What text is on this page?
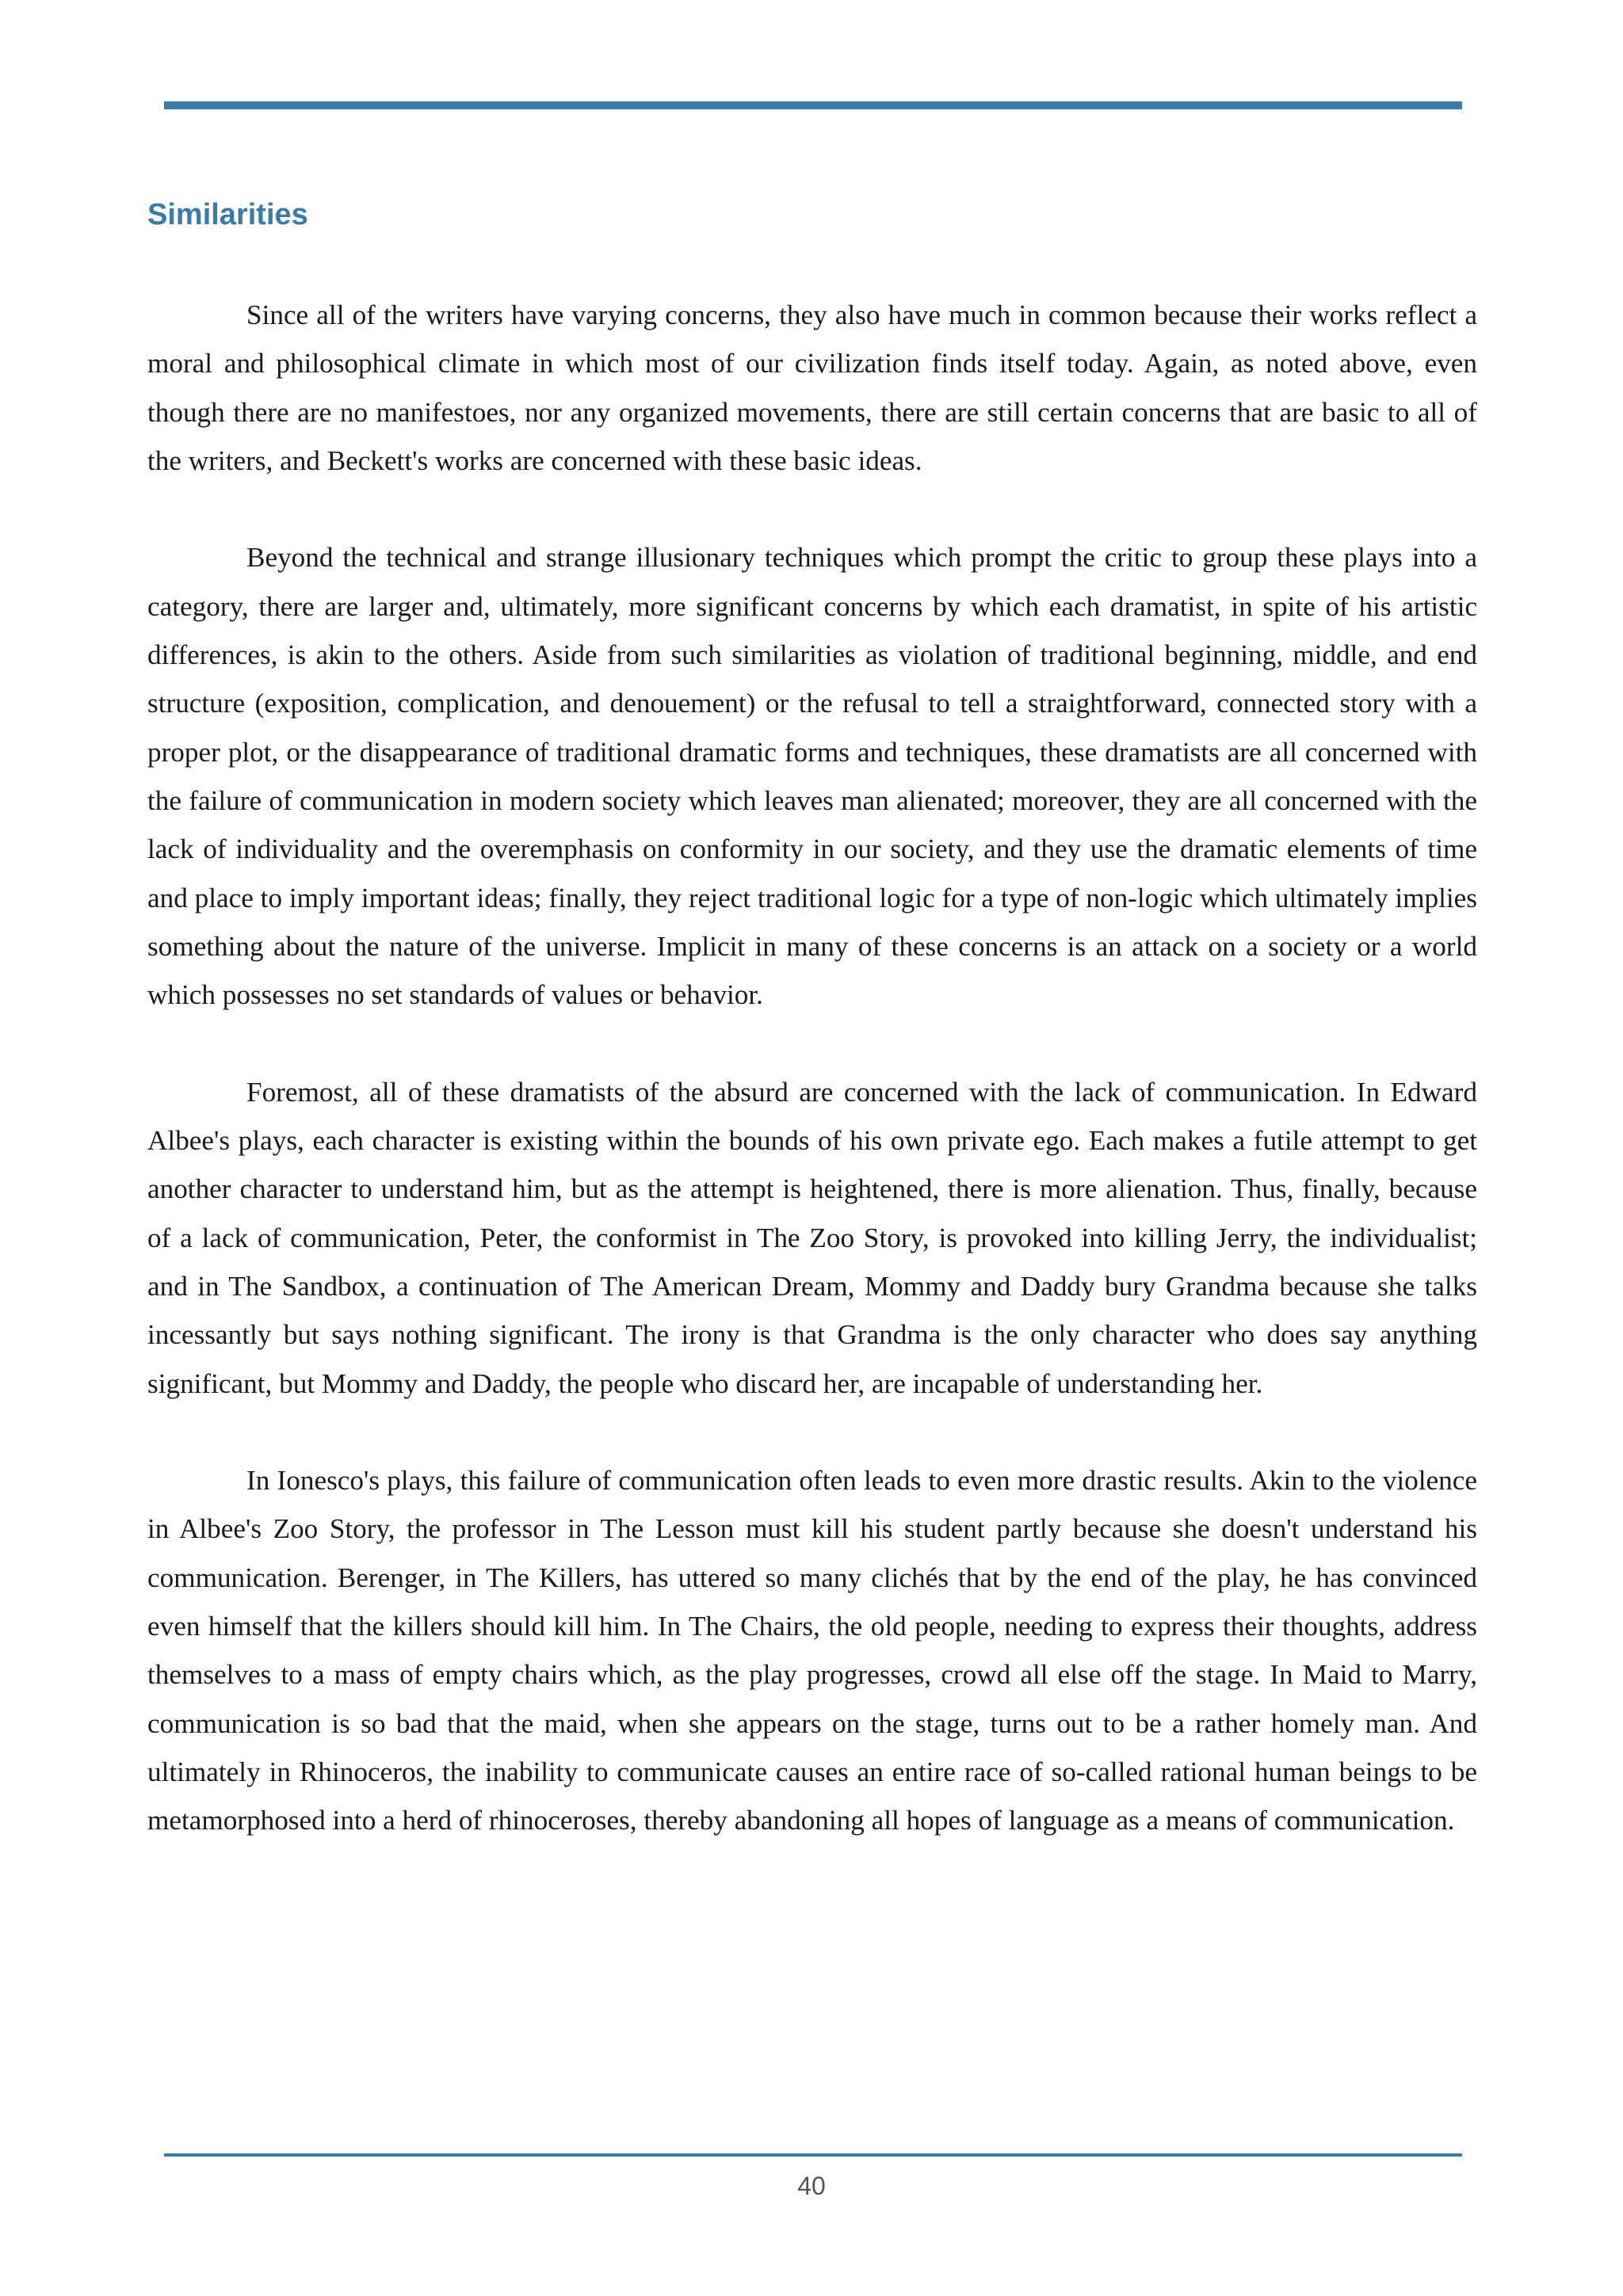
Similarities

Since all of the writers have varying concerns, they also have much in common because their works reflect a moral and philosophical climate in which most of our civilization finds itself today. Again, as noted above, even though there are no manifestoes, nor any organized movements, there are still certain concerns that are basic to all of the writers, and Beckett's works are concerned with these basic ideas.

Beyond the technical and strange illusionary techniques which prompt the critic to group these plays into a category, there are larger and, ultimately, more significant concerns by which each dramatist, in spite of his artistic differences, is akin to the others. Aside from such similarities as violation of traditional beginning, middle, and end structure (exposition, complication, and denouement) or the refusal to tell a straightforward, connected story with a proper plot, or the disappearance of traditional dramatic forms and techniques, these dramatists are all concerned with the failure of communication in modern society which leaves man alienated; moreover, they are all concerned with the lack of individuality and the overemphasis on conformity in our society, and they use the dramatic elements of time and place to imply important ideas; finally, they reject traditional logic for a type of non-logic which ultimately implies something about the nature of the universe. Implicit in many of these concerns is an attack on a society or a world which possesses no set standards of values or behavior.

Foremost, all of these dramatists of the absurd are concerned with the lack of communication. In Edward Albee's plays, each character is existing within the bounds of his own private ego. Each makes a futile attempt to get another character to understand him, but as the attempt is heightened, there is more alienation. Thus, finally, because of a lack of communication, Peter, the conformist in The Zoo Story, is provoked into killing Jerry, the individualist; and in The Sandbox, a continuation of The American Dream, Mommy and Daddy bury Grandma because she talks incessantly but says nothing significant. The irony is that Grandma is the only character who does say anything significant, but Mommy and Daddy, the people who discard her, are incapable of understanding her.

In Ionesco's plays, this failure of communication often leads to even more drastic results. Akin to the violence in Albee's Zoo Story, the professor in The Lesson must kill his student partly because she doesn't understand his communication. Berenger, in The Killers, has uttered so many clichés that by the end of the play, he has convinced even himself that the killers should kill him. In The Chairs, the old people, needing to express their thoughts, address themselves to a mass of empty chairs which, as the play progresses, crowd all else off the stage. In Maid to Marry, communication is so bad that the maid, when she appears on the stage, turns out to be a rather homely man. And ultimately in Rhinoceros, the inability to communicate causes an entire race of so-called rational human beings to be metamorphosed into a herd of rhinoceroses, thereby abandoning all hopes of language as a means of communication.

40
